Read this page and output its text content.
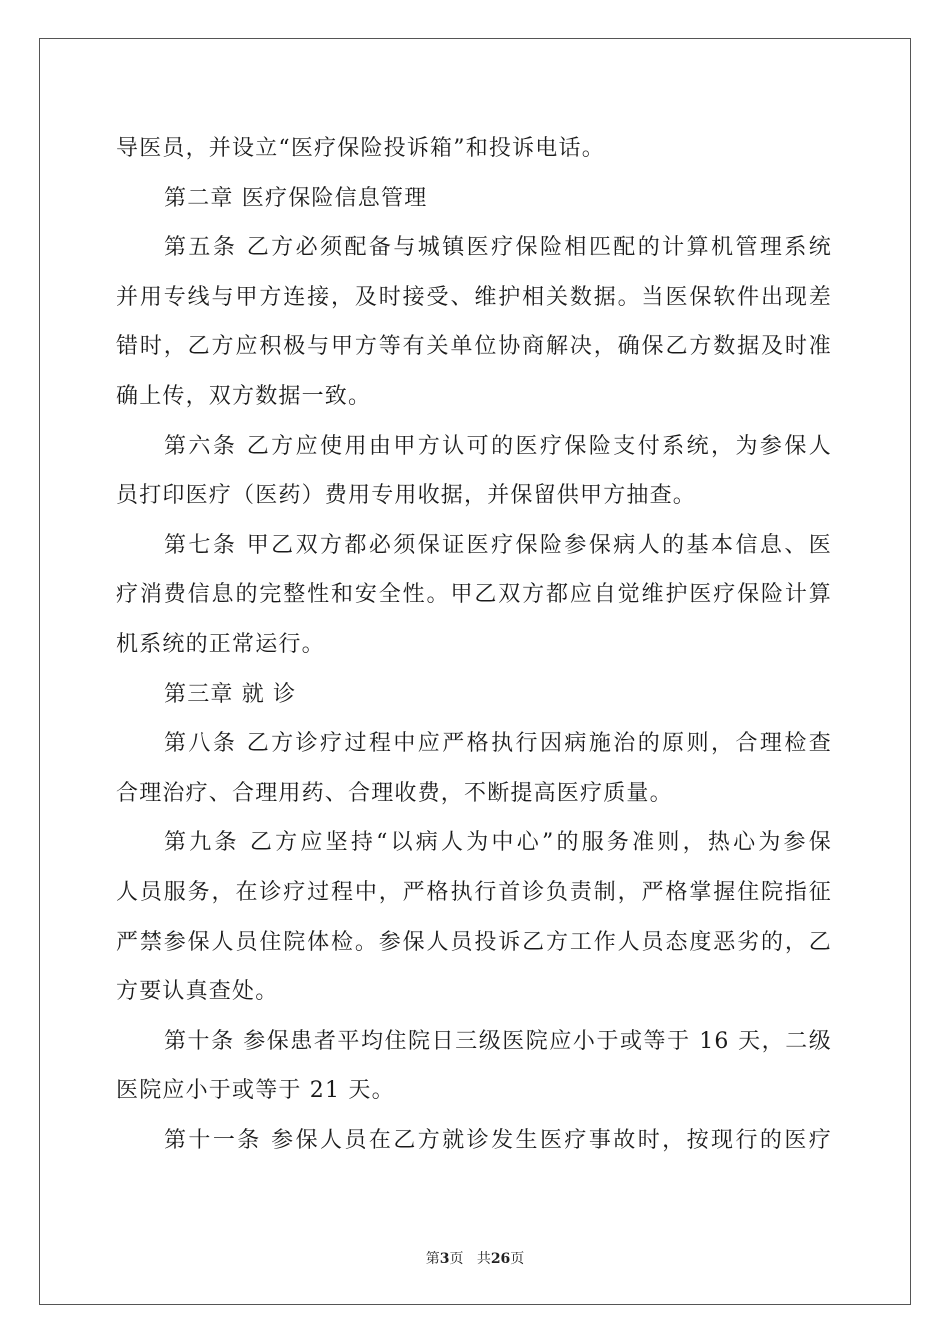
导医员，并设立“医疗保险投诉箱”和投诉电话。
第二章 医疗保险信息管理
第五条 乙方必须配备与城镇医疗保险相匹配的计算机管理系统
并用专线与甲方连接，及时接受、维护相关数据。当医保软件出现差
错时，乙方应积极与甲方等有关单位协商解决，确保乙方数据及时准
确上传，双方数据一致。
第六条 乙方应使用由甲方认可的医疗保险支付系统，为参保人
员打印医疗（医药）费用专用收据，并保留供甲方抽查。
第七条 甲乙双方都必须保证医疗保险参保病人的基本信息、医
疗消费信息的完整性和安全性。甲乙双方都应自觉维护医疗保险计算
机系统的正常运行。
第三章 就 诊
第八条 乙方诊疗过程中应严格执行因病施治的原则，合理检查
合理治疗、合理用药、合理收费，不断提高医疗质量。
第九条 乙方应坚持“以病人为中心”的服务准则，热心为参保
人员服务，在诊疗过程中，严格执行首诊负责制，严格掌握住院指征
严禁参保人员住院体检。参保人员投诉乙方工作人员态度恶劣的，乙
方要认真查处。
第十条 参保患者平均住院日三级医院应小于或等于 16 天，二级
医院应小于或等于 21 天。
第十一条 参保人员在乙方就诊发生医疗事故时，按现行的医疗
第3页 共26页
